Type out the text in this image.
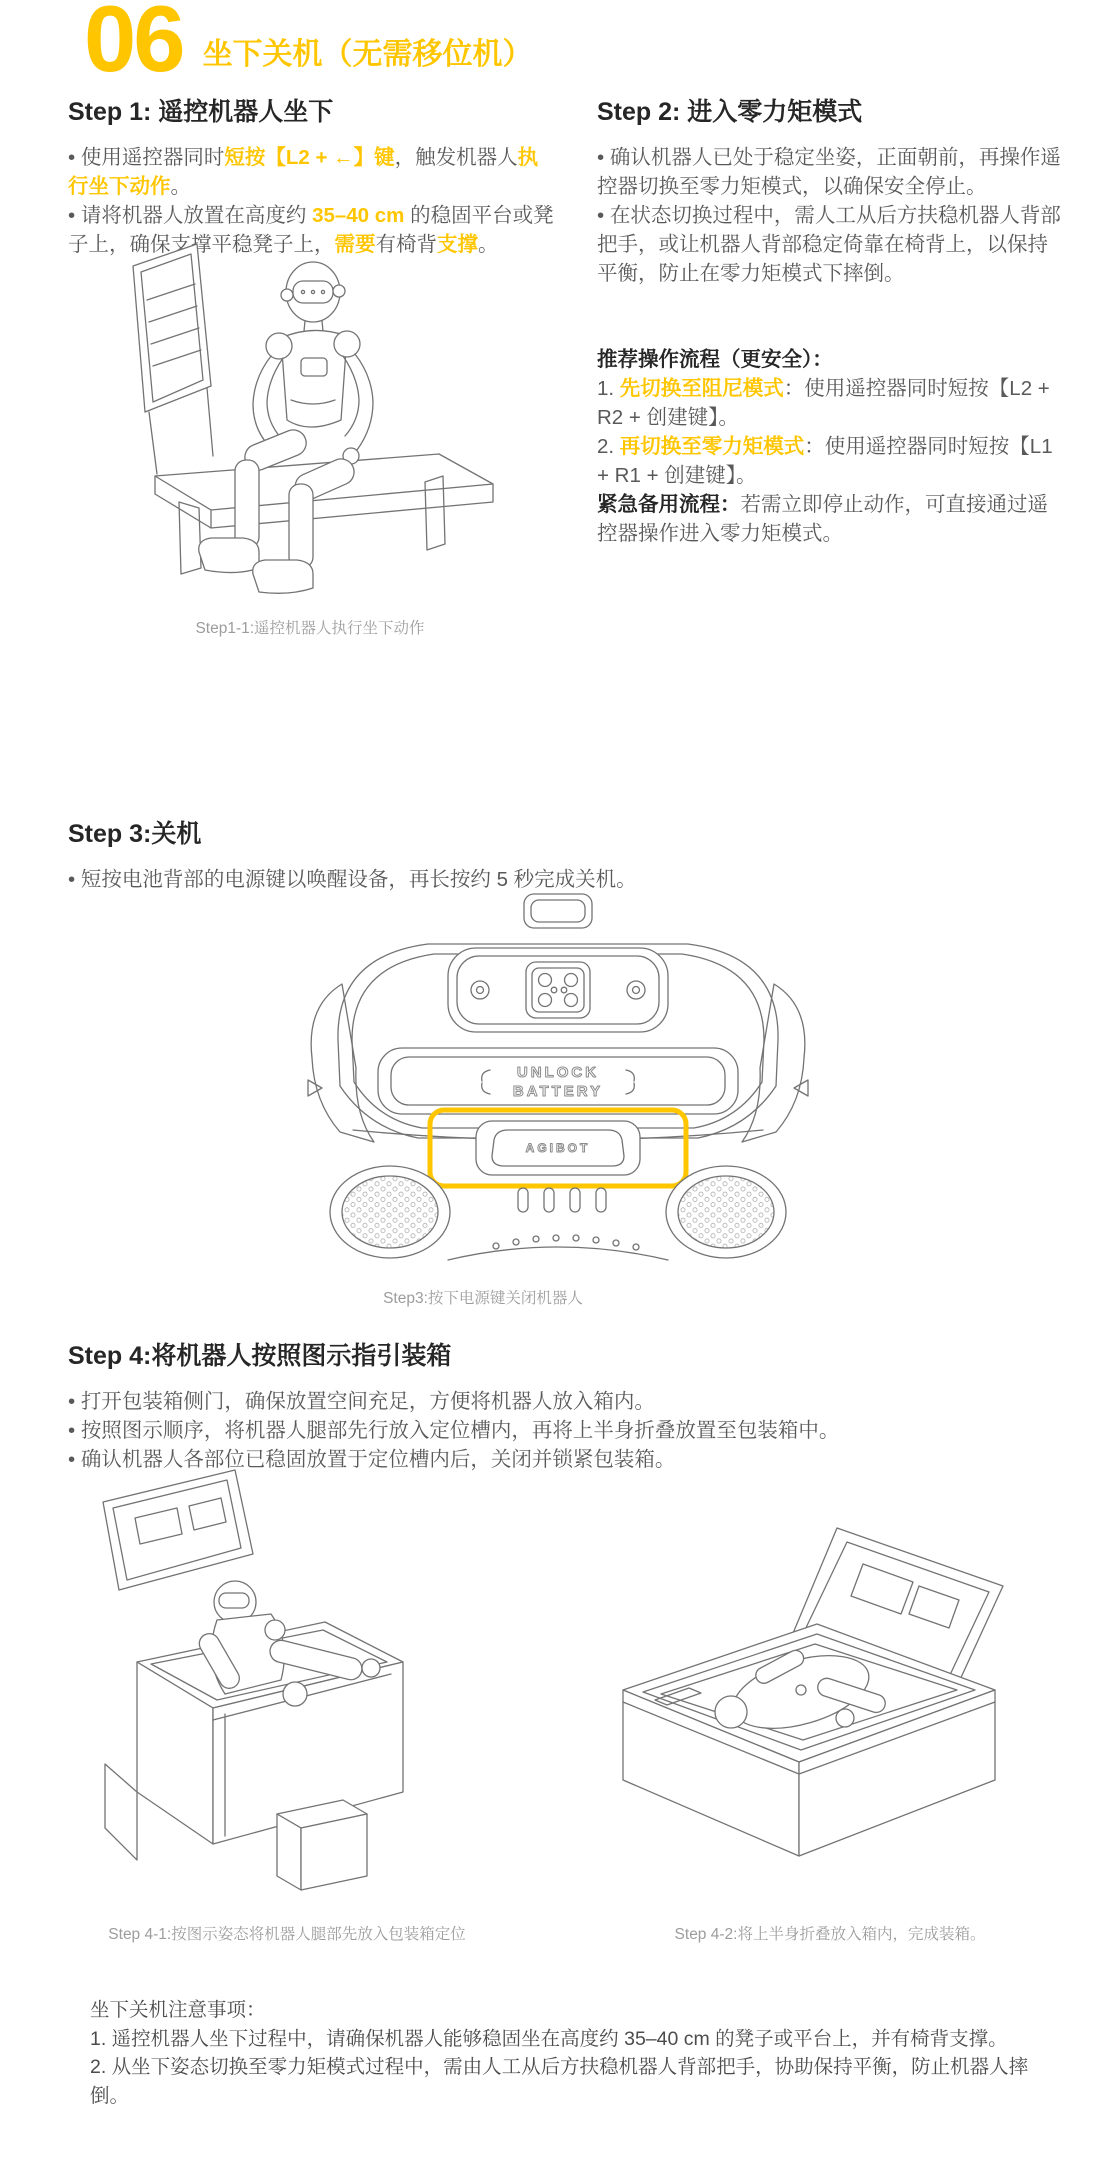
06 坐下关机（无需移位机）
Step 1: 遥控机器人坐下

• 使用遥控器同时短按【L2 + ←】键，触发机器人执行坐下动作。

• 请将机器人放置在高度约 35–40 cm 的稳固平台或凳子上，确保支撑平稳凳子上，需要有椅背支撑。

Step 2: 进入零力矩模式

• 确认机器人已处于稳定坐姿，正面朝前，再操作遥控器切换至零力矩模式，以确保安全停止。

• 在状态切换过程中，需人工从后方扶稳机器人背部把手，或让机器人背部稳定倚靠在椅背上，以保持平衡，防止在零力矩模式下摔倒。

推荐操作流程（更安全）：

1. 先切换至阻尼模式：使用遥控器同时短按【L2 + R2 + 创建键】。

2. 再切换至零力矩模式：使用遥控器同时短按【L1 + R1 + 创建键】。

紧急备用流程：若需立即停止动作，可直接通过遥控器操作进入零力矩模式。

Step1-1:遥控机器人执行坐下动作
Step 3:关机

• 短按电池背部的电源键以唤醒设备，再长按约 5 秒完成关机。

UNLOCK
BATTERY
AGIBOT
Step3:按下电源键关闭机器人
Step 4:将机器人按照图示指引装箱

• 打开包装箱侧门，确保放置空间充足，方便将机器人放入箱内。

• 按照图示顺序，将机器人腿部先行放入定位槽内，再将上半身折叠放置至包装箱中。

• 确认机器人各部位已稳固放置于定位槽内后，关闭并锁紧包装箱。

Step 4-1:按图示姿态将机器人腿部先放入包装箱定位	Step 4-2:将上半身折叠放入箱内，完成装箱。

坐下关机注意事项：

1. 遥控机器人坐下过程中，请确保机器人能够稳固坐在高度约 35–40 cm 的凳子或平台上，并有椅背支撑。

2. 从坐下姿态切换至零力矩模式过程中，需由人工从后方扶稳机器人背部把手，协助保持平衡，防止机器人摔倒。
